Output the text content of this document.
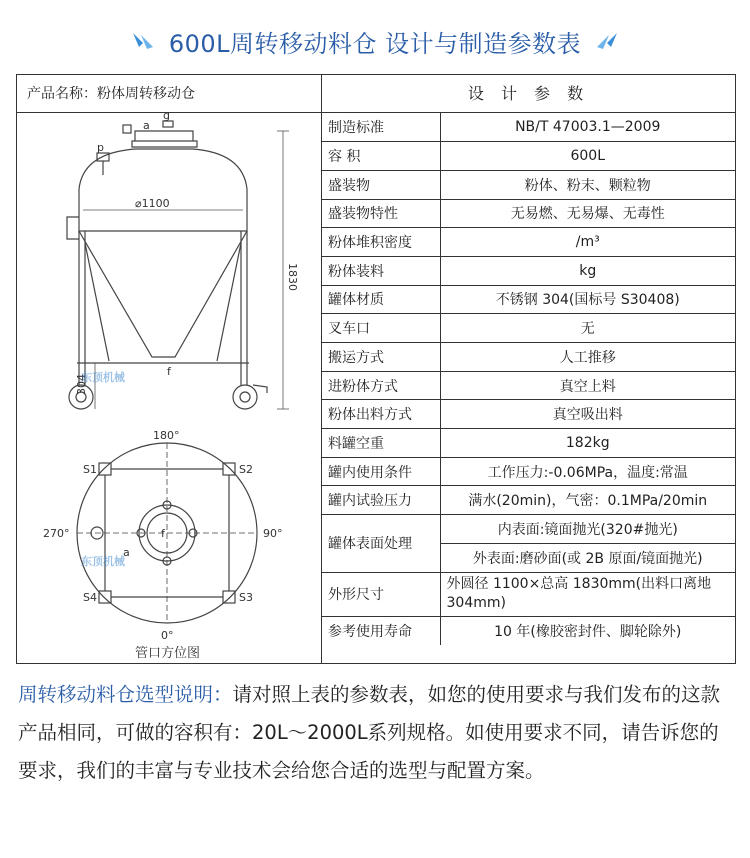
600L周转移动料仓 设计与制造参数表
产品名称：粉体周转移动仓	设 计 参 数
1830
⌀1100
304
a
g
p
f
180°
270°	90°
0°
S1	S2
S3
S4
a
f
管口方位图
东顶机械
东顶机械
制造标准	NB/T 47003.1—2009
容 积	600L
盛装物	粉体、粉末、颗粒物
盛装物特性	无易燃、无易爆、无毒性
粉体堆积密度	/m³
粉体装料	kg
罐体材质	不锈钢 304(国标号 S30408)
叉车口	无
搬运方式	人工推移
进粉体方式	真空上料
粉体出料方式	真空吸出料
料罐空重	182kg
罐内使用条件	工作压力:-0.06MPa，温度:常温
罐内试验压力	满水(20min)，气密：0.1MPa/20min
罐体表面处理	内表面:镜面抛光(320#抛光)
	外表面:磨砂面(或 2B 原面/镜面抛光)
外形尺寸	外圆径 1100×总高 1830mm(出料口离地304mm)
参考使用寿命	10 年(橡胶密封件、脚轮除外)
周转移动料仓选型说明：请对照上表的参数表，如您的使用要求与我们发布的这款产品相同，可做的容积有：20L～2000L系列规格。如使用要求不同，请告诉您的要求，我们的丰富与专业技术会给您合适的选型与配置方案。
